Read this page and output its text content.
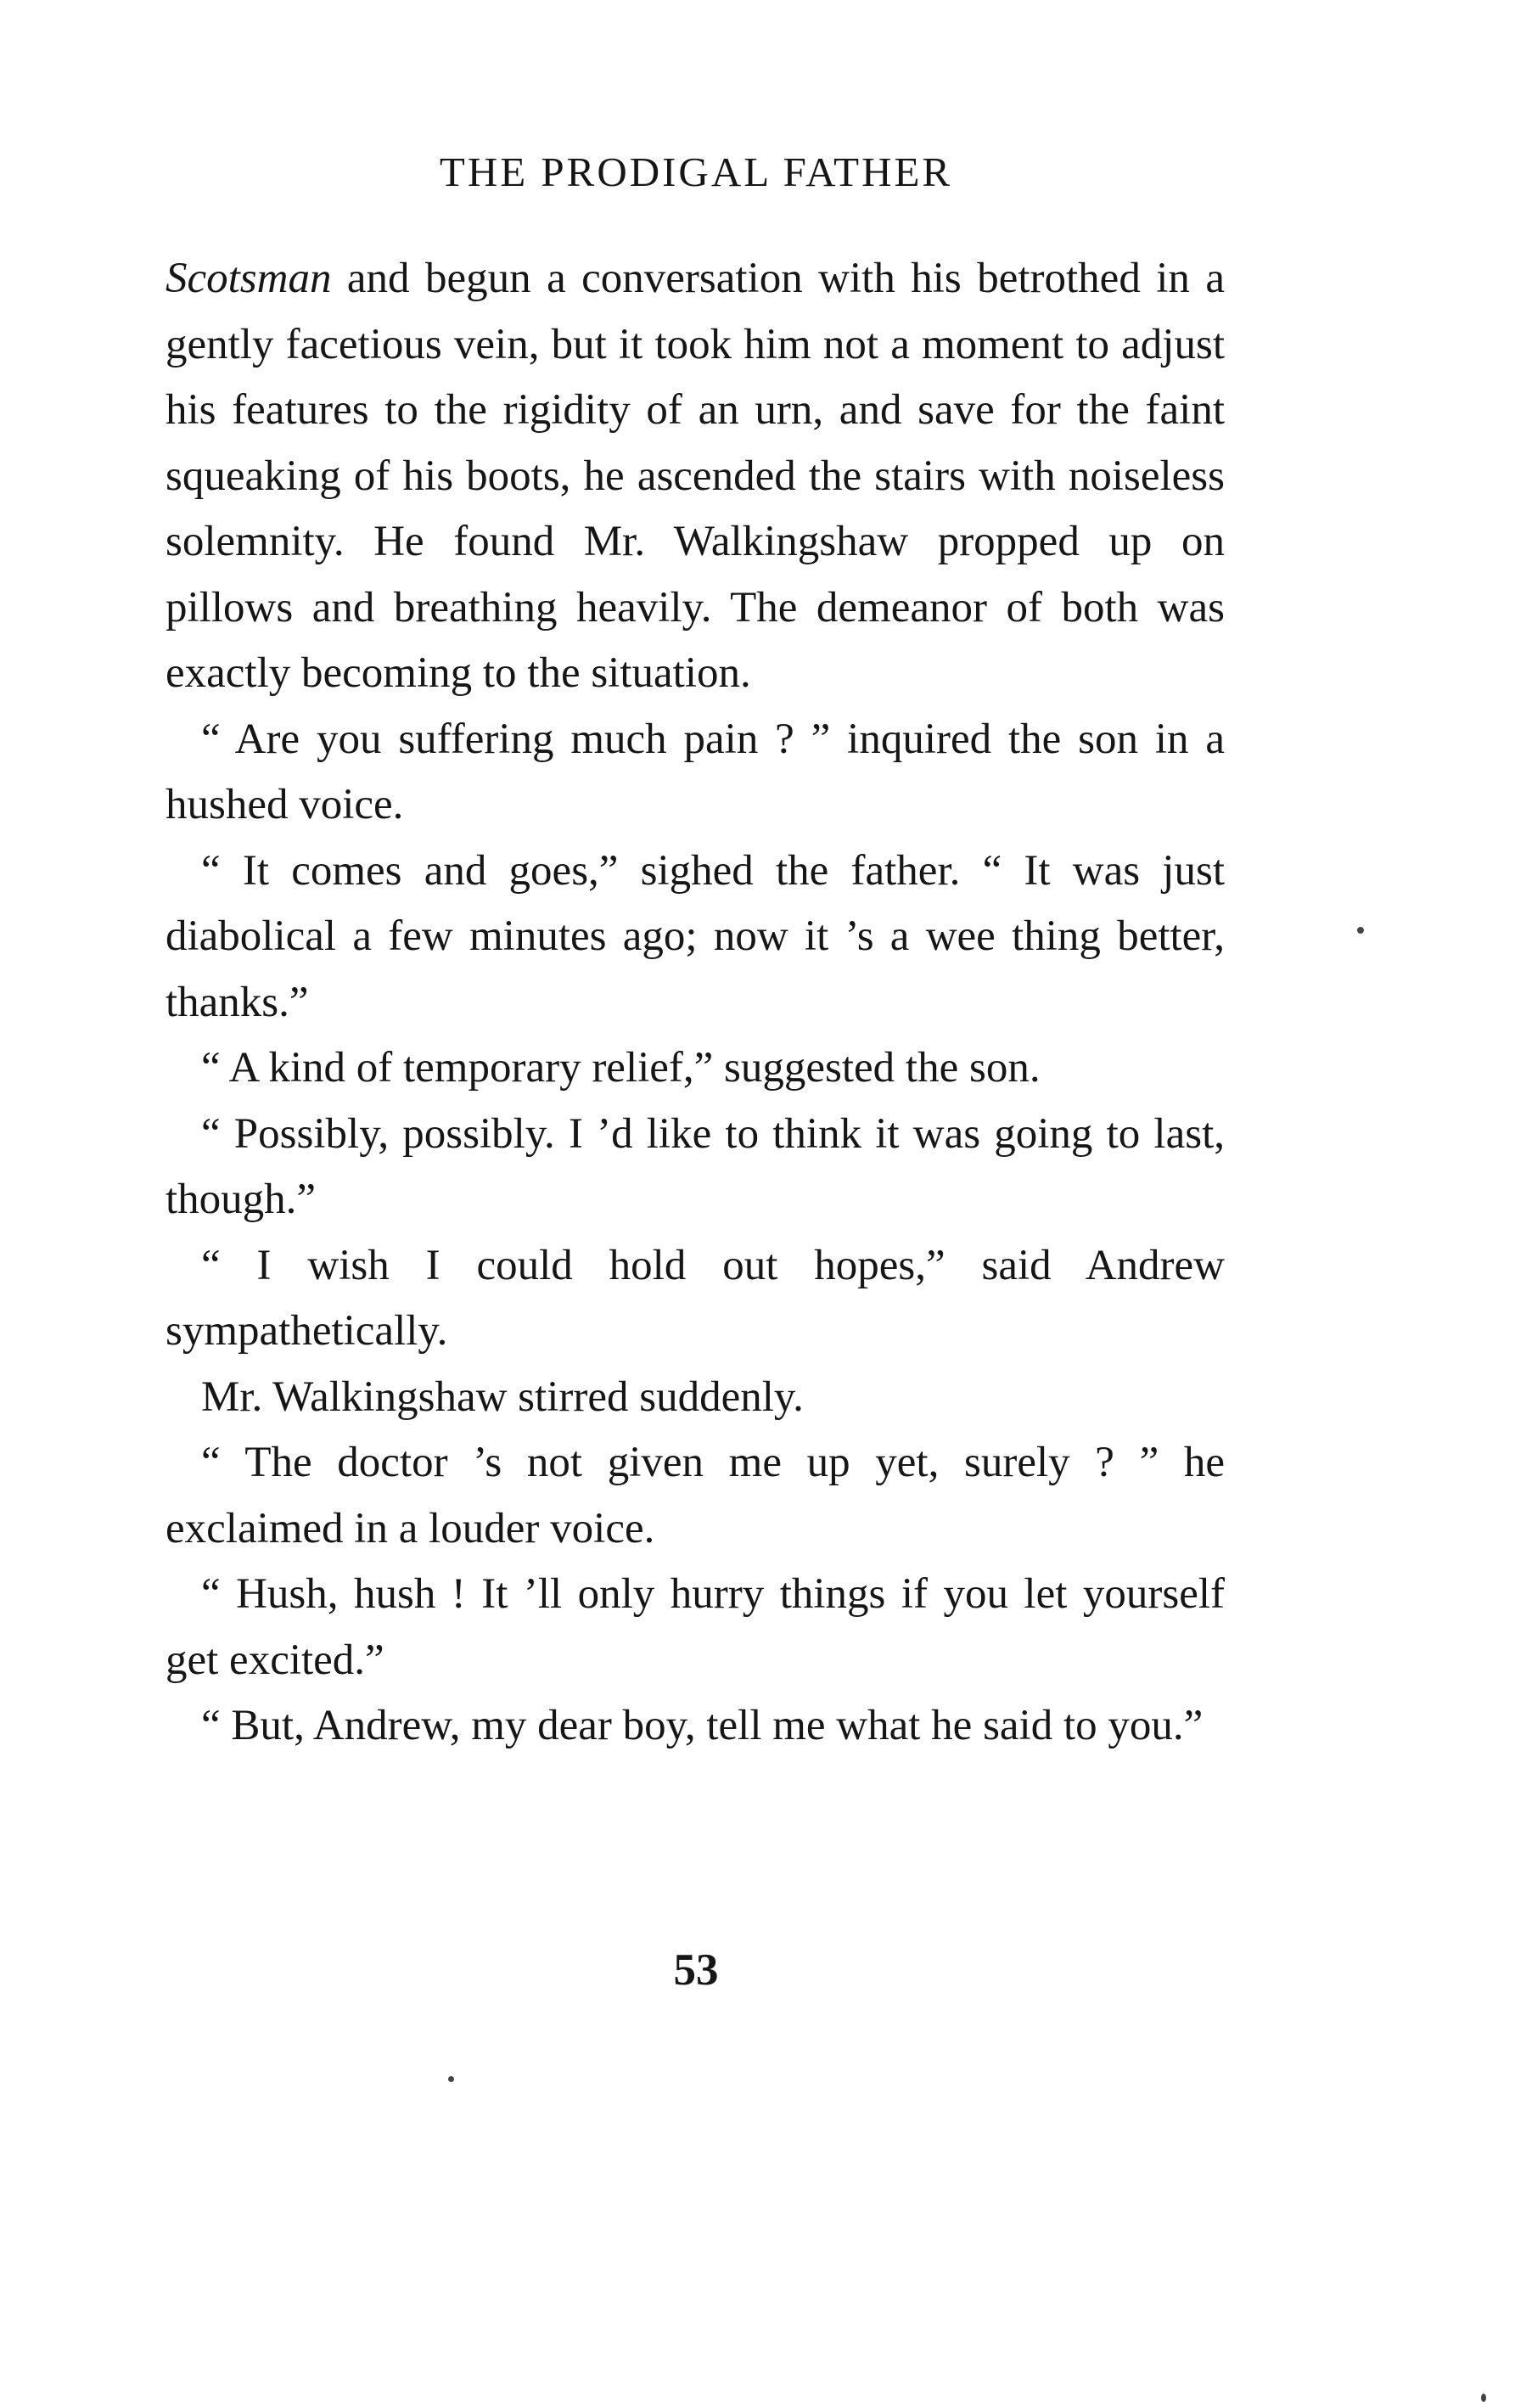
THE PRODIGAL FATHER

Scotsman and begun a conversation with his betrothed in a gently facetious vein, but it took him not a moment to adjust his features to the rigidity of an urn, and save for the faint squeaking of his boots, he ascended the stairs with noiseless solemnity. He found Mr. Walkingshaw propped up on pillows and breathing heavily. The demeanor of both was exactly becoming to the situation.

“ Are you suffering much pain ? ” inquired the son in a hushed voice.

“ It comes and goes,” sighed the father. “ It was just diabolical a few minutes ago; now it ’s a wee thing better, thanks.”

“ A kind of temporary relief,” suggested the son.

“ Possibly, possibly. I ’d like to think it was going to last, though.”

“ I wish I could hold out hopes,” said Andrew sympathetically.

Mr. Walkingshaw stirred suddenly.

“ The doctor ’s not given me up yet, surely ? ” he exclaimed in a louder voice.

“ Hush, hush ! It ’ll only hurry things if you let yourself get excited.”

“ But, Andrew, my dear boy, tell me what he said to you.”

53
